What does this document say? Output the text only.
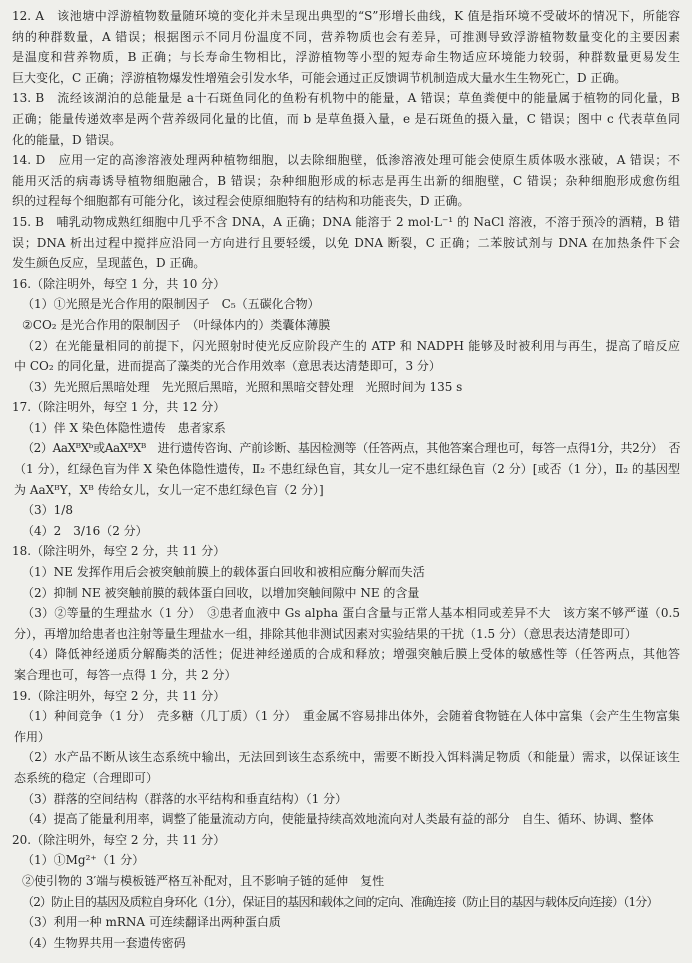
12. A　该池塘中浮游植物数量随环境的变化并未呈现出典型的“S”形增长曲线，K 值是指环境不受破坏的情况下，所能容
纳的种群数量，A 错误；根据图示不同月份温度不同，营养物质也会有差异，可推测导致浮游植物数量变化的主要因素
是温度和营养物质，B 正确；与长寿命生物相比，浮游植物等小型的短寿命生物适应环境能力较弱，种群数量更易发生
巨大变化，C 正确；浮游植物爆发性增殖会引发水华，可能会通过正反馈调节机制造成大量水生生物死亡，D 正确。
13. B　流经该湖泊的总能量是 a十石斑鱼同化的鱼粉有机物中的能量，A 错误；草鱼粪便中的能量属于植物的同化量，B
正确；能量传递效率是两个营养级同化量的比值，而 b 是草鱼摄入量，e 是石斑鱼的摄入量，C 错误；图中 c 代表草鱼同
化的能量，D 错误。
14. D　应用一定的高渗溶液处理两种植物细胞，以去除细胞壁，低渗溶液处理可能会使原生质体吸水涨破，A 错误；不
能用灭活的病毒诱导植物细胞融合，B 错误；杂种细胞形成的标志是再生出新的细胞壁，C 错误；杂种细胞形成愈伤组
织的过程每个细胞都有可能分化，该过程会使原细胞特有的结构和功能丧失，D 正确。
15. B　哺乳动物成熟红细胞中几乎不含 DNA，A 正确；DNA 能溶于 2 mol·L⁻¹ 的 NaCl 溶液，不溶于预冷的酒精，B 错
误；DNA 析出过程中搅拌应沿同一方向进行且要轻缓，以免 DNA 断裂，C 正确；二苯胺试剂与 DNA 在加热条件下会
发生颜色反应，呈现蓝色，D 正确。
16.（除注明外，每空 1 分，共 10 分）
（1）①光照是光合作用的限制因子　C₅（五碳化合物）
②CO₂ 是光合作用的限制因子　（叶绿体内的）类囊体薄膜
（2）在光能量相同的前提下，闪光照射时使光反应阶段产生的 ATP 和 NADPH 能够及时被利用与再生，提高了暗反应
中 CO₂ 的同化量，进而提高了藻类的光合作用效率（意思表达清楚即可，3 分）
（3）先光照后黑暗处理　先光照后黑暗，光照和黑暗交替处理　光照时间为 135 s
17.（除注明外，每空 1 分，共 12 分）
（1）伴 X 染色体隐性遗传　患者家系
（2）AaXᴮXᵇ或AaXᴮXᴮ　进行遗传咨询、产前诊断、基因检测等（任答两点，其他答案合理也可，每答一点得1分，共2分）　否
（1 分），红绿色盲为伴 X 染色体隐性遗传，Ⅱ₂ 不患红绿色盲，其女儿一定不患红绿色盲（2 分）[或否（1 分），Ⅱ₂ 的基因型
为 AaXᴮY，Xᴮ 传给女儿，女儿一定不患红绿色盲（2 分）]
（3）1/8
（4）2　3/16（2 分）
18.（除注明外，每空 2 分，共 11 分）
（1）NE 发挥作用后会被突触前膜上的载体蛋白回收和被相应酶分解而失活
（2）抑制 NE 被突触前膜的载体蛋白回收，以增加突触间隙中 NE 的含量
（3）②等量的生理盐水（1 分）　③患者血液中 Gs alpha 蛋白含量与正常人基本相同或差异不大　该方案不够严谨（0.5
分），再增加给患者也注射等量生理盐水一组，排除其他非测试因素对实验结果的干扰（1.5 分）（意思表达清楚即可）
（4）降低神经递质分解酶类的活性；促进神经递质的合成和释放；增强突触后膜上受体的敏感性等（任答两点，其他答
案合理也可，每答一点得 1 分，共 2 分）
19.（除注明外，每空 2 分，共 11 分）
（1）种间竞争（1 分）　壳多糖（几丁质）（1 分）　重金属不容易排出体外，会随着食物链在人体中富集（会产生生物富集
作用）
（2）水产品不断从该生态系统中输出，无法回到该生态系统中，需要不断投入饵料满足物质（和能量）需求，以保证该生
态系统的稳定（合理即可）
（3）群落的空间结构（群落的水平结构和垂直结构）（1 分）
（4）提高了能量利用率，调整了能量流动方向，使能量持续高效地流向对人类最有益的部分　自生、循环、协调、整体
20.（除注明外，每空 2 分，共 11 分）
（1）①Mg²⁺（1 分）
②使引物的 3′端与模板链严格互补配对，且不影响子链的延伸　复性
（2）防止目的基因及质粒自身环化（1分），保证目的基因和载体之间的定向、准确连接（防止目的基因与载体反向连接）（1分）
（3）利用一种 mRNA 可连续翻译出两种蛋白质
（4）生物界共用一套遗传密码
